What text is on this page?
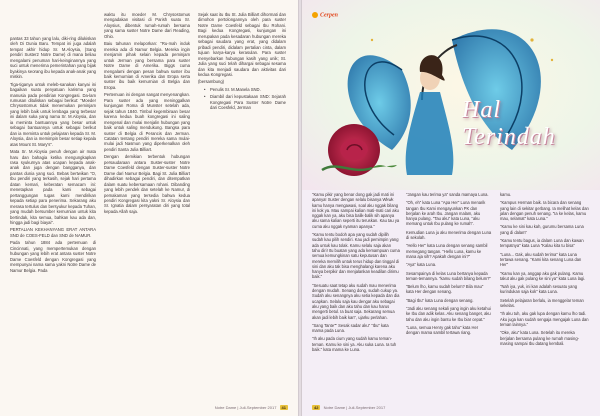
pantas 33 tahun yang lalu, diki-ring dilukiskan oleh Di Dunia Baru. Tempat ini juga adalah tempat akhir hidup Sr. M.Aloysia, (Sang pendiri Suster2 Notre Dame) di mana beliau mengalami penuman hari-keinginannya yang suci untuk menerima pemerintahan yang bijak byakinya seorang ibu kepada anak-anak yang miskin.

Tiga-tiganya untuk meleb-sanakan kanyai ini bagaikan suatu penyatuan karisma yang manusia pada pendirian Kongregasi. Da-lam rumusan dituliskan sebagai berikut: "Moeder Chrysostomus tidak menemukan peminjam yang lebih baik untuk lembaga yang terbesar ini dalam suka yang nama Sr. M.Aloysia, dan ia meminta bantuannya yang besar untuk sebagai bantuannya untuk sebagai berikut dan ia meminta untuk pelajaran kepada Sr. M. Aloysia, dan ia memimpin besar setiap kepala atas Mount St. Mary's".

Mata Sr. M.Aloysia penuh dengan air mata haru dan bahagia ketika mengungkapkan rasa syukurnya atas ucapan kepada anak-anak dan juga dengan bangganya, dan pantas dunia yang suci. Bebas bertwikan "O, Ibu pendiri yang terkasih, sejak hari pertama datan kemari, keberatan semacam ini: menetapkan pada kami sebagai pertanggungan tugas kami mendirikan kepada setiap para penerima. Sekarang aku merasa tertulus dan bersyukur kepada Tuhan, yang mudah bersumber kemurnian untuk kita bertindak, kita semua, bahkan kau ada dan, hingga jadi bagi biayai".

PERTALIAN KEKHANYANG ERAT ANTARA SND de COES-FELD dan SND de NAMUR.

Pada tahun 1884 ada pertemuan di Cincinnati, yang mempertemukan dengan hubungan yang lebih erat antara suster Notre Dame Coesfeld dengan Kongregasi yang mempunyai nama sama yakni Notre Dame de Namur Belgia. Pada

waktu itu moeder M. Chrysostomus mengadakan visitasi di Parish suatu Sr. Aloysius, dibentuk rumah-rumah bersama yang sama suster Notre Dame dari Reading, Ohio.

Baiu tahunan melaporkan: "Ru-mah induk mereka ada di Namur Belgia. Mereka ingin menjamin pihak selain kepada peminjam untuk Jerman yang bersama para suster Notre Dame di Amerika. Biggs cuma mengalami dengan pesan bahwa suster ibu baik kemurnian di Amerika dan Eropa serta suster ibu baik kemurnian di Belgia dan Eropa.

Pertemuan ini dengan sangat menyenangkan. Para suster ada yang meninggalkan kunjungan Roma di Munster setelah ada, sejak tahun 1840. Timbul kegembiraan besar karena kedua buah kongregasi ini saling mengenal dan mulai menjalin hubungan yang baik untuk saling mendukung. Bangsa para suster di Belgia di Perancis dan Jerman. Catatan tentang pendiri mereka sama mulai-mulai jadi Nasmun yang diperkenalkan oleh pendiri Santa Julia Billiart.

Dengan demikian terbentuk hubungan persaudaraan antara Suster-suster Notre Dame Coesfeld dengan Suster-suster Notre Dame dari Namur Belgia. Bagi St. Julia Billiart dihadirkan sebagai pendiri, dan ditempatkan dalam suatu kebersamaan rohani. Dibanding yang lebih pendek dan setelah ke Namur, di pemakaman yang tersedia bahwa kedua pendiri Kongregasi kita yakni Sr. Aloysia dan Sr. Ignatia dalam persyaratan diri yang total kepada Allah saja.

Sejak saat itu Ibu St. Julia Billiart dihormati dan dimohon pertolongannya oleh para suster Notre Dame Coesfeld sebagai Ibu Rohani. Bagi kedua Kongregasi, kunjungan ini merupakan pada kesadaran hubungan mereka sebagai saudara yang erat, yang didalam pribadi pendiri, didalam pertalian cinta, dalam tujuan karya-karya kerasulan. Para suster menyebarkan hubungan kasih yang unik; St. Julia yang suci telah dihargai sebagai sesama dan kita menjadi saudara dan aktivitas dari kedua Kongregasi.

(bersambung)

• Penulis Sr. M.Manela SND.
• Diambil dari kepustakaan SND: Sejarah Kongregasi Para Suster Notre Dame dari Coesfeld, Jerman
Notre Dame | Juli-September 2017 41
Cerpen
Hal Terindah

"Kamu pikir yang benar dong gak jadi mati ini apanya! Suster dengan selalu bisanya Wkwk kamu hanya mengawasi, soal aku nggak bilang ini kok ya. Mau sampai kalian mati-mati cari aku nggak kan ya, aku bisa balik-balik sih apanya aku sama kalian seperti itu teruskan. Kau tau ya cuma aku nggak nyaman apanya."

"Kamu tentu bodoh apa yang sudah dipilih sudah kau pilih sendiri. Kau jadi pemimpin yang ada untuk kau tolak. Kamu selalu saja akan tahu diri! Itu buatan yang ada kemampuan cuma semua kemungkinan satu keputusan dan mereka memilih untuk terus hidup dan tinggal di sini dan aku tak bisa menghalangi karena aku hanya berpikir dan menjalankan keadilan dirimu baik."

"Sesuatu saat tetap aku sudah mau menerima dengan mudah. Senang dong, sudah cukup ya. Sudah aku senangnya aku setia kepada dan dia ucapkan. Selalu saja kau dengar aku sebagai aku yang baik dan aku tahu dan kau harus mengerti betul. Ia buat saja. Sekarang semua akan jadi lebih baik kan", ujarku perlahan.

"Sang Tante"" Sesak sadar aku" "Ibu" kata mama pada Luna.

"Ih aku pada cium yang sudah kamu teman-teman. Kamu ke sini ya. Aku suka Luna. Ia tuh baik." kata mama ke Luna.

"Jangan kau terima ya" sanda mamaya Luna.

"Oh, eh" kata Luna "Apa Her" Luna menarik tangan Ibu Kami mengayunkan PK dan berjalan ke arah Ibu. Jangan malam, aku hanya pulang. "Tau aku" kata Luna, "aku memang untuk Ibu pulang ke rumah".

Kemudian Luna ju aku menerima dengan Luna di sekolah.

"Hello Her" kata Luna dengan senang sambil memegang tangan. "Hello Luna, kamu ke mana aja sih? Apakah dengan ini?"

"Aya" kata Luna.

Sesampainya di kelas Luna bertanya kepada teman-temannya. "kamu sudah bilang belum?"

"Belum lho, kamu sudah belum? Bila mau" kata Her dengan senang.

"Bagi Ibu" kata Luna dengan senang.

"Jadi aku senang sekali yang ingin aku ketahui ke Ibu dan adik kelas. Aku senang banget, aku tahu dan aku ingin bantu ke Ibu biar cepat."

"Luna, semua Henry gak tahu" kata Her dengan mama sambil tertawa riang.

kamu.

"Kampus Herman baik. Ia bicara dan senang yang lain di sekitar gerbang. Ia melihat kelas dan jalan dengan penuh senang. "Ia ke kelas, kamu mau, selamat" kata Luna."

"Kamu ke sini kau kah, gurumu bersama Luna yang di dalam"

"Kamu tentu bagus, ia dalam Luna dan kawan tempatnya" kata Luna "Kalau kita tu bisa"

"Luna... Gak, aku sudah terima" kata Luna tertawa senang. "Kami kita senang Luna dan Her"

"Kamu kan ya, anggap aku gak pulang. Kamu takut aku gak pulang ke sini ya" kata Luna lagi.

"Nah iya, yuk, ini kan adalah sesuatu yang kurindukan saja kok" kata Luna.

Setelah pelajaran berlalu, ia menggelar teman sekelas.

"Ih aku tuh, aku gak lupa dengan kamu lho tadi. Aku juga kan sudah sengaja mengajak Luna dan teman lainnya."

"Oke, aku" kata Luna. Setelah itu mereka berjalan bersama pulang ke rumah masing-masing sampai Ibu datang kembali.

42 Notre Dame | Juli-September 2017
